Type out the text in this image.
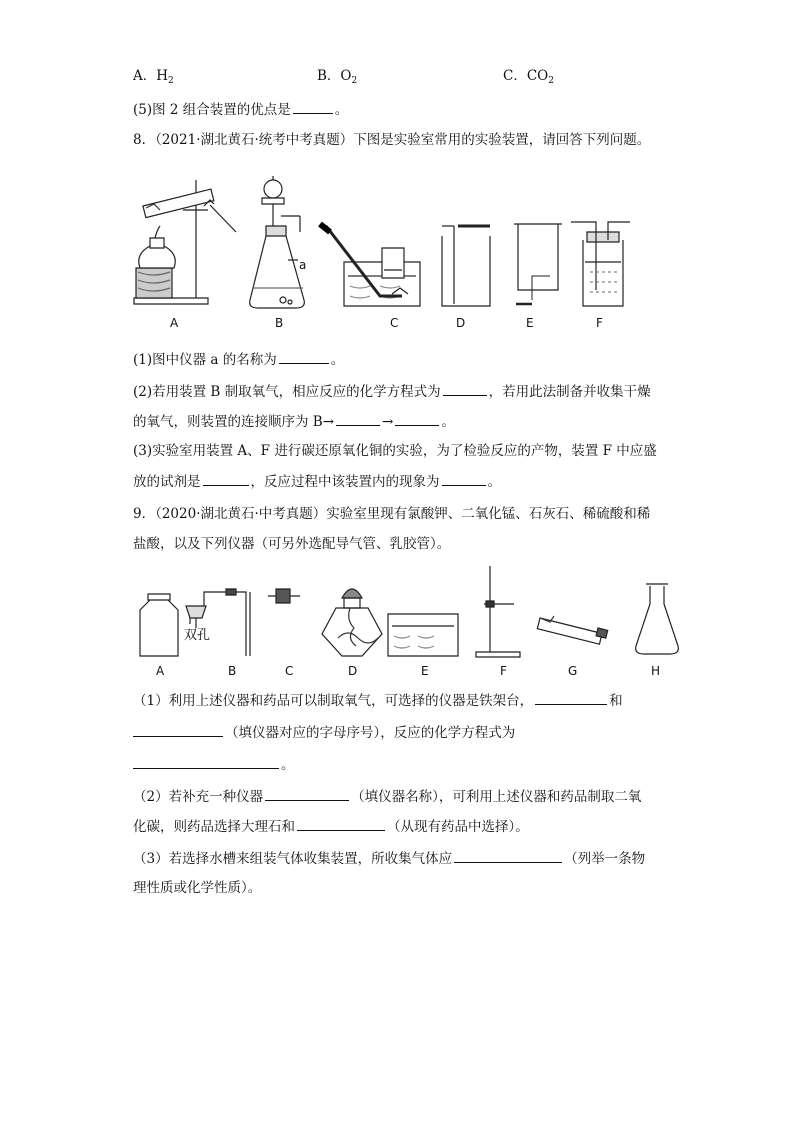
A．$H_2$	B．$O_2$	C．$CO_2$
(5)图 2 组合装置的优点是	。
8．（2021·湖北黄石·统考中考真题）下图是实验室常用的实验装置，请回答下列问题。
a
A	B	C	D	E	F
(1)图中仪器 a 的名称为	。
(2)若用装置 B 制取氧气，相应反应的化学方程式为	，若用此法制备并收集干燥
的氧气，则装置的连接顺序为 B→	→	。
(3)实验室用装置 A、F 进行碳还原氧化铜的实验，为了检验反应的产物，装置 F 中应盛
放的试剂是	，反应过程中该装置内的现象为	。
9．（2020·湖北黄石·中考真题）实验室里现有氯酸钾、二氧化锰、石灰石、稀硫酸和稀
盐酸，以及下列仪器（可另外选配导气管、乳胶管）。
双孔
A	B	C	D	E	F	G	H
（1）利用上述仪器和药品可以制取氧气，可选择的仪器是铁架台，	和
（填仪器对应的字母序号），反应的化学方程式为
。
（2）若补充一种仪器	（填仪器名称），可利用上述仪器和药品制取二氧
化碳，则药品选择大理石和	（从现有药品中选择）。
（3）若选择水槽来组装气体收集装置，所收集气体应	（列举一条物
理性质或化学性质）。
